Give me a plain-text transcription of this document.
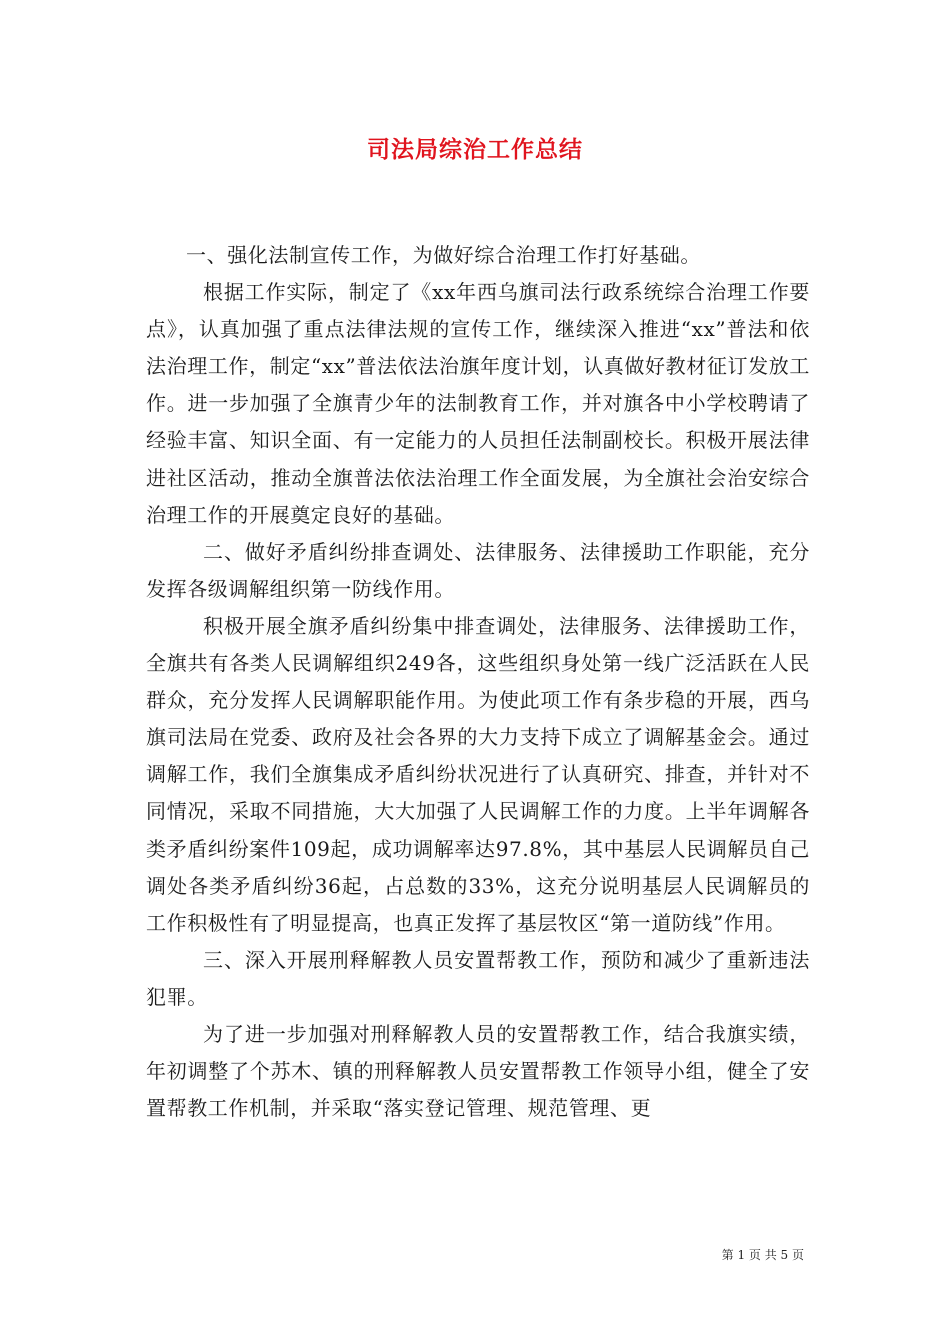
司法局综治工作总结

一、强化法制宣传工作，为做好综合治理工作打好基础。

根据工作实际，制定了《xx年西乌旗司法行政系统综合治理工作要点》，认真加强了重点法律法规的宣传工作，继续深入推进“xx”普法和依法治理工作，制定“xx”普法依法治旗年度计划，认真做好教材征订发放工作。进一步加强了全旗青少年的法制教育工作，并对旗各中小学校聘请了经验丰富、知识全面、有一定能力的人员担任法制副校长。积极开展法律进社区活动，推动全旗普法依法治理工作全面发展，为全旗社会治安综合治理工作的开展奠定良好的基础。

二、做好矛盾纠纷排查调处、法律服务、法律援助工作职能，充分发挥各级调解组织第一防线作用。

积极开展全旗矛盾纠纷集中排查调处，法律服务、法律援助工作，全旗共有各类人民调解组织249各，这些组织身处第一线广泛活跃在人民群众，充分发挥人民调解职能作用。为使此项工作有条步稳的开展，西乌旗司法局在党委、政府及社会各界的大力支持下成立了调解基金会。通过调解工作，我们全旗集成矛盾纠纷状况进行了认真研究、排查，并针对不同情况，采取不同措施，大大加强了人民调解工作的力度。上半年调解各类矛盾纠纷案件109起，成功调解率达97.8%，其中基层人民调解员自己调处各类矛盾纠纷36起，占总数的33%，这充分说明基层人民调解员的工作积极性有了明显提高，也真正发挥了基层牧区“第一道防线”作用。

三、深入开展刑释解教人员安置帮教工作，预防和减少了重新违法犯罪。

为了进一步加强对刑释解教人员的安置帮教工作，结合我旗实绩，年初调整了个苏木、镇的刑释解教人员安置帮教工作领导小组，健全了安置帮教工作机制，并采取“落实登记管理、规范管理、更

第 1 页 共 5 页
